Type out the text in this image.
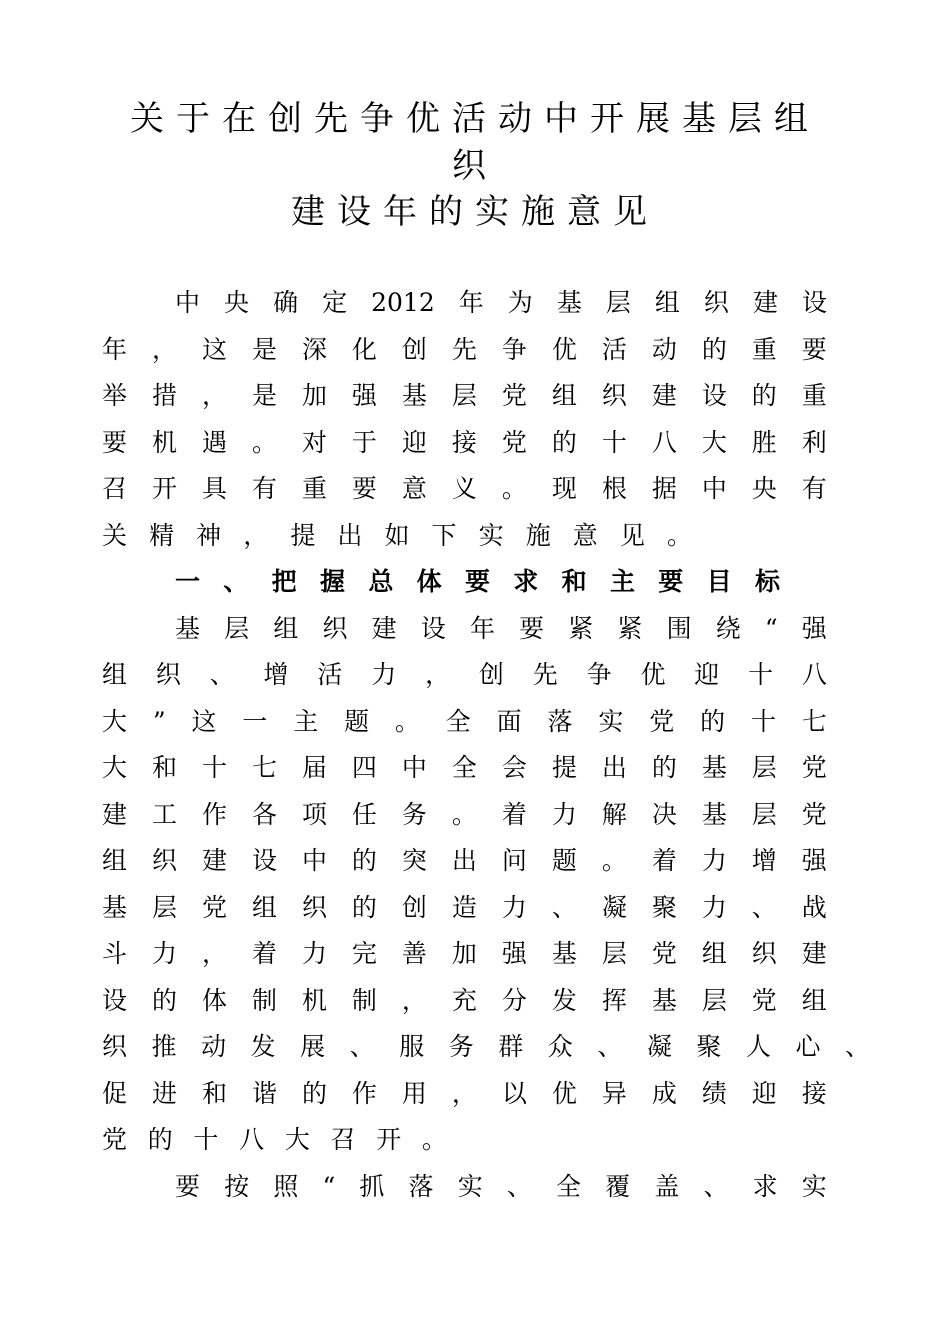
关于在创先争优活动中开展基层组
织
建设年的实施意见
中 央 确 定 2012 年 为 基 层 组 织 建 设
年 ， 这 是 深 化 创 先 争 优 活 动 的 重 要
举 措 ， 是 加 强 基 层 党 组 织 建 设 的 重
要 机 遇 。 对 于 迎 接 党 的 十 八 大 胜 利
召 开 具 有 重 要 意 义 。 现 根 据 中 央 有
关 精 神 ， 提 出 如 下 实 施 意 见 。
一 、 把 握 总 体 要 求 和 主 要 目 标
基 层 组 织 建 设 年 要 紧 紧 围 绕 “ 强
组 织 、 增 活 力 ， 创 先 争 优 迎 十 八
大 ” 这 一 主 题 。 全 面 落 实 党 的 十 七
大 和 十 七 届 四 中 全 会 提 出 的 基 层 党
建 工 作 各 项 任 务 。 着 力 解 决 基 层 党
组 织 建 设 中 的 突 出 问 题 。 着 力 增 强
基 层 党 组 织 的 创 造 力 、 凝 聚 力 、 战
斗 力 ， 着 力 完 善 加 强 基 层 党 组 织 建
设 的 体 制 机 制 ， 充 分 发 挥 基 层 党 组
织 推 动 发 展 、 服 务 群 众 、 凝 聚 人 心 、
促 进 和 谐 的 作 用 ， 以 优 异 成 绩 迎 接
党 的 十 八 大 召 开 。
要 按 照 “ 抓 落 实 、 全 覆 盖 、 求 实
